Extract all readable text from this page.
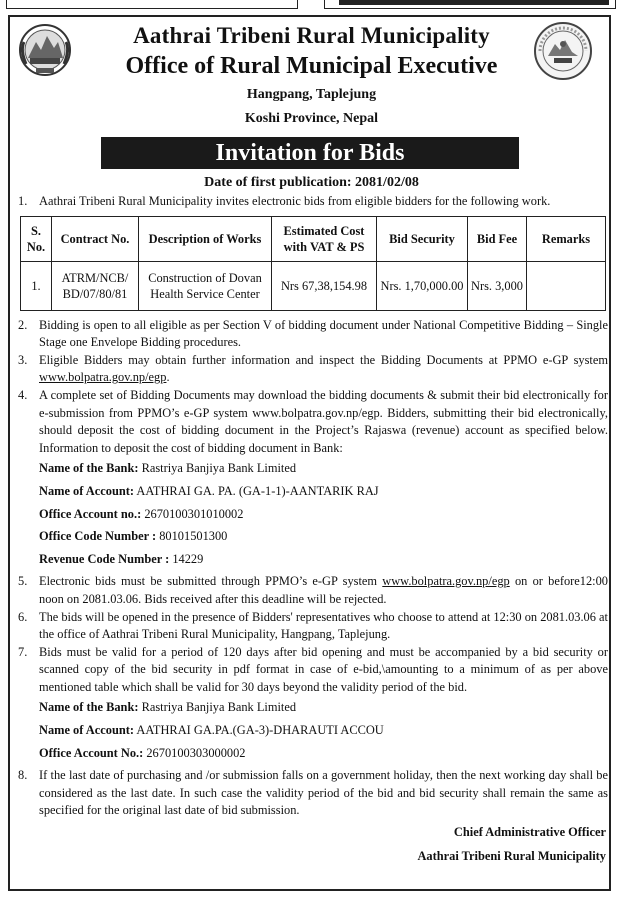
Aathrai Tribeni Rural Municipality
Office of Rural Municipal Executive
Hangpang, Taplejung
Koshi Province, Nepal
Invitation for Bids
Date of first publication: 2081/02/08
1. Aathrai Tribeni Rural Municipality invites electronic bids from eligible bidders for the following work.
S. No.	Contract No.	Description of Works	Estimated Cost with VAT & PS	Bid Security	Bid Fee	Remarks
1.	ATRM/NCB/ BD/07/80/81	Construction of Dovan Health Service Center	Nrs 67,38,154.98	Nrs. 1,70,000.00	Nrs. 3,000	
2. Bidding is open to all eligible as per Section V of bidding document under National Competitive Bidding – Single Stage one Envelope Bidding procedures.
3. Eligible Bidders may obtain further information and inspect the Bidding Documents at PPMO e-GP system www.bolpatra.gov.np/egp.
4. A complete set of Bidding Documents may download the bidding documents & submit their bid electronically for e-submission from PPMO’s e-GP system www.bolpatra.gov.np/egp. Bidders, submitting their bid electronically, should deposit the cost of bidding document in the Project’s Rajaswa (revenue) account as specified below. Information to deposit the cost of bidding document in Bank:
Name of the Bank: Rastriya Banjiya Bank Limited
Name of Account: AATHRAI GA. PA. (GA-1-1)-AANTARIK RAJ
Office Account no.: 2670100301010002
Office Code Number : 80101501300
Revenue Code Number : 14229
5. Electronic bids must be submitted through PPMO’s e-GP system www.bolpatra.gov.np/egp on or before12:00 noon on 2081.03.06. Bids received after this deadline will be rejected.
6. The bids will be opened in the presence of Bidders' representatives who choose to attend at 12:30 on 2081.03.06 at the office of Aathrai Tribeni Rural Municipality, Hangpang, Taplejung.
7. Bids must be valid for a period of 120 days after bid opening and must be accompanied by a bid security or scanned copy of the bid security in pdf format in case of e-bid,\amounting to a minimum of as per above mentioned table which shall be valid for 30 days beyond the validity period of the bid.
Name of the Bank: Rastriya Banjiya Bank Limited
Name of Account: AATHRAI GA.PA.(GA-3)-DHARAUTI ACCOU
Office Account No.: 2670100303000002
8. If the last date of purchasing and /or submission falls on a government holiday, then the next working day shall be considered as the last date. In such case the validity period of the bid and bid security shall remain the same as specified for the original last date of bid submission.
Chief Administrative Officer
Aathrai Tribeni Rural Municipality
